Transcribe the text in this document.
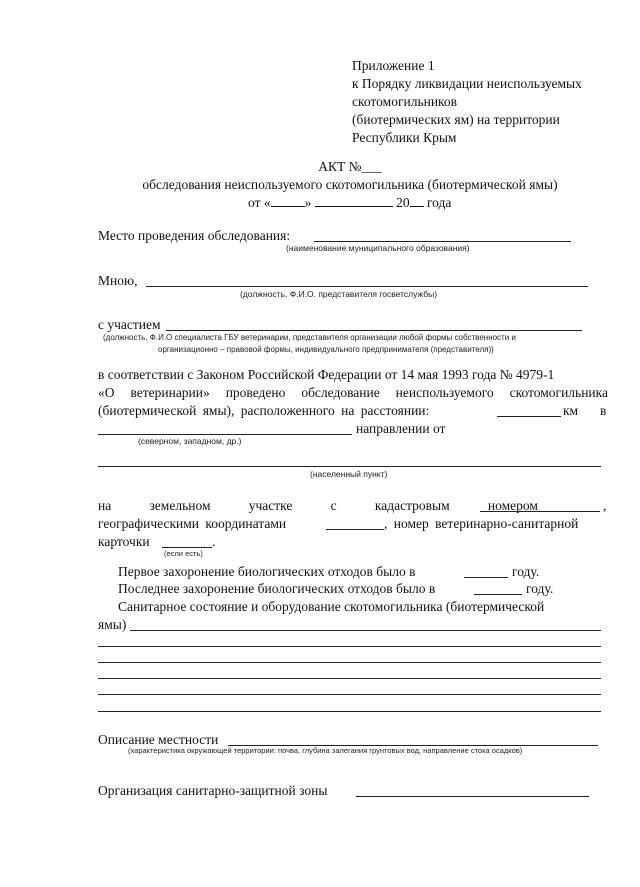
Приложение 1
к Порядку ликвидации неиспользуемых
скотомогильников
(биотермических ям) на территории
Республики Крым
АКТ №___
обследования неиспользуемого скотомогильника (биотермической ямы)
от «	»	20 года
Место проведения обследования:
(наименование муниципального образования)
Мною,
(должность, Ф.И.О. представителя госветслужбы)
с участием
(должность, Ф.И.О специалиста ГБУ ветеринарии, представителя организации любой формы собственности и
организационно – правовой формы, индивидуального предпринимателя (представителя))
в соответствии с Законом Российской Федерации от 14 мая 1993 года № 4979-1
«О ветеринарии» проведено обследование неиспользуемого скотомогильника
(биотермической ямы), расположенного на расстоянии:	км в
направлении от
(северном, западном, др.)
(населенный пункт)
на	земельном	участке	с	кадастровым	номером	,
географическими координатами	, номер ветеринарно-санитарной
карточки	.
(если есть)
Первое захоронение биологических отходов было в	году.
Последнее захоронение биологических отходов было в	году.
Санитарное состояние и оборудование скотомогильника (биотермической
ямы)
Описание местности
(характеристика окружающей территории: почва, глубина залегания грунтовых вод, направление стока осадков)
Организация санитарно-защитной зоны
